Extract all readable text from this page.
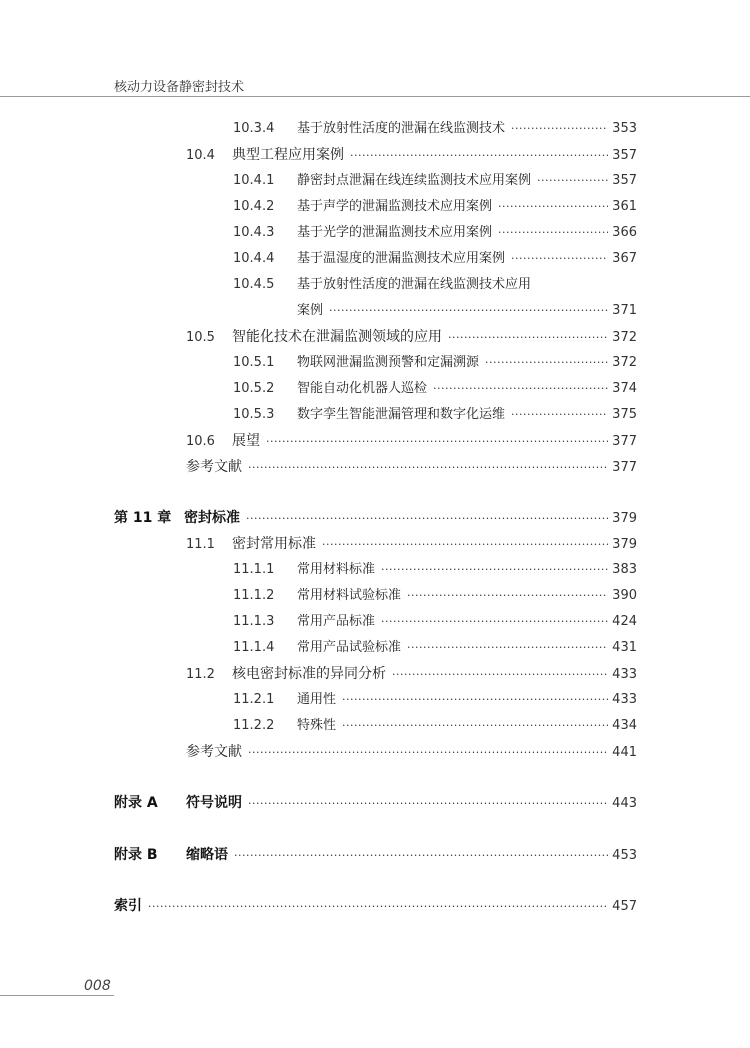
核动力设备静密封技术
10.3.4	基于放射性活度的泄漏在线监测技术 ·····	353
10.4	典型工程应用案例 ·····	357
10.4.1	静密封点泄漏在线连续监测技术应用案例 ·····	357
10.4.2	基于声学的泄漏监测技术应用案例 ·····	361
10.4.3	基于光学的泄漏监测技术应用案例 ·····	366
10.4.4	基于温湿度的泄漏监测技术应用案例 ·····	367
10.4.5	基于放射性活度的泄漏在线监测技术应用
案例 ·····	371
10.5	智能化技术在泄漏监测领域的应用 ·····	372
10.5.1	物联网泄漏监测预警和定漏溯源 ·····	372
10.5.2	智能自动化机器人巡检 ·····	374
10.5.3	数字孪生智能泄漏管理和数字化运维 ·····	375
10.6	展望 ·····	377
参考文献 ·····	377
第 11 章 密封标准 ·····	379
11.1	密封常用标准 ·····	379
11.1.1	常用材料标准 ·····	383
11.1.2	常用材料试验标准 ·····	390
11.1.3	常用产品标准 ·····	424
11.1.4	常用产品试验标准 ·····	431
11.2	核电密封标准的异同分析 ·····	433
11.2.1	通用性 ·····	433
11.2.2	特殊性 ·····	434
参考文献 ·····	441
附录 A	符号说明 ·····	443
附录 B	缩略语 ·····	453
索引 ·····	457
008
